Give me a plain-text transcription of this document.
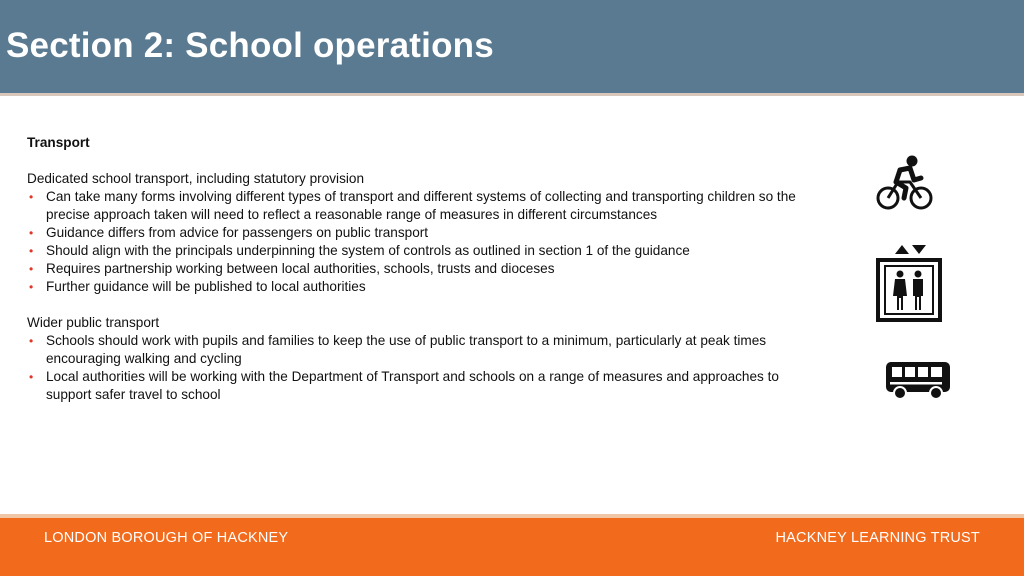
Section 2: School operations
Transport
Dedicated school transport, including statutory provision
• Can take many forms involving different types of transport and different systems of collecting and transporting children so the precise approach taken will need to reflect a reasonable range of measures in different circumstances
• Guidance differs from advice for passengers on public transport
• Should align with the principals underpinning the system of controls as outlined in section 1 of the guidance
• Requires partnership working between local authorities, schools, trusts and dioceses
• Further guidance will be published to local authorities
Wider public transport
• Schools should work with pupils and families to keep the use of public transport to a minimum, particularly at peak times encouraging walking and cycling
• Local authorities will be working with the Department of Transport and schools on a range of measures and approaches to support safer travel to school
LONDON BOROUGH OF HACKNEY	HACKNEY LEARNING TRUST
